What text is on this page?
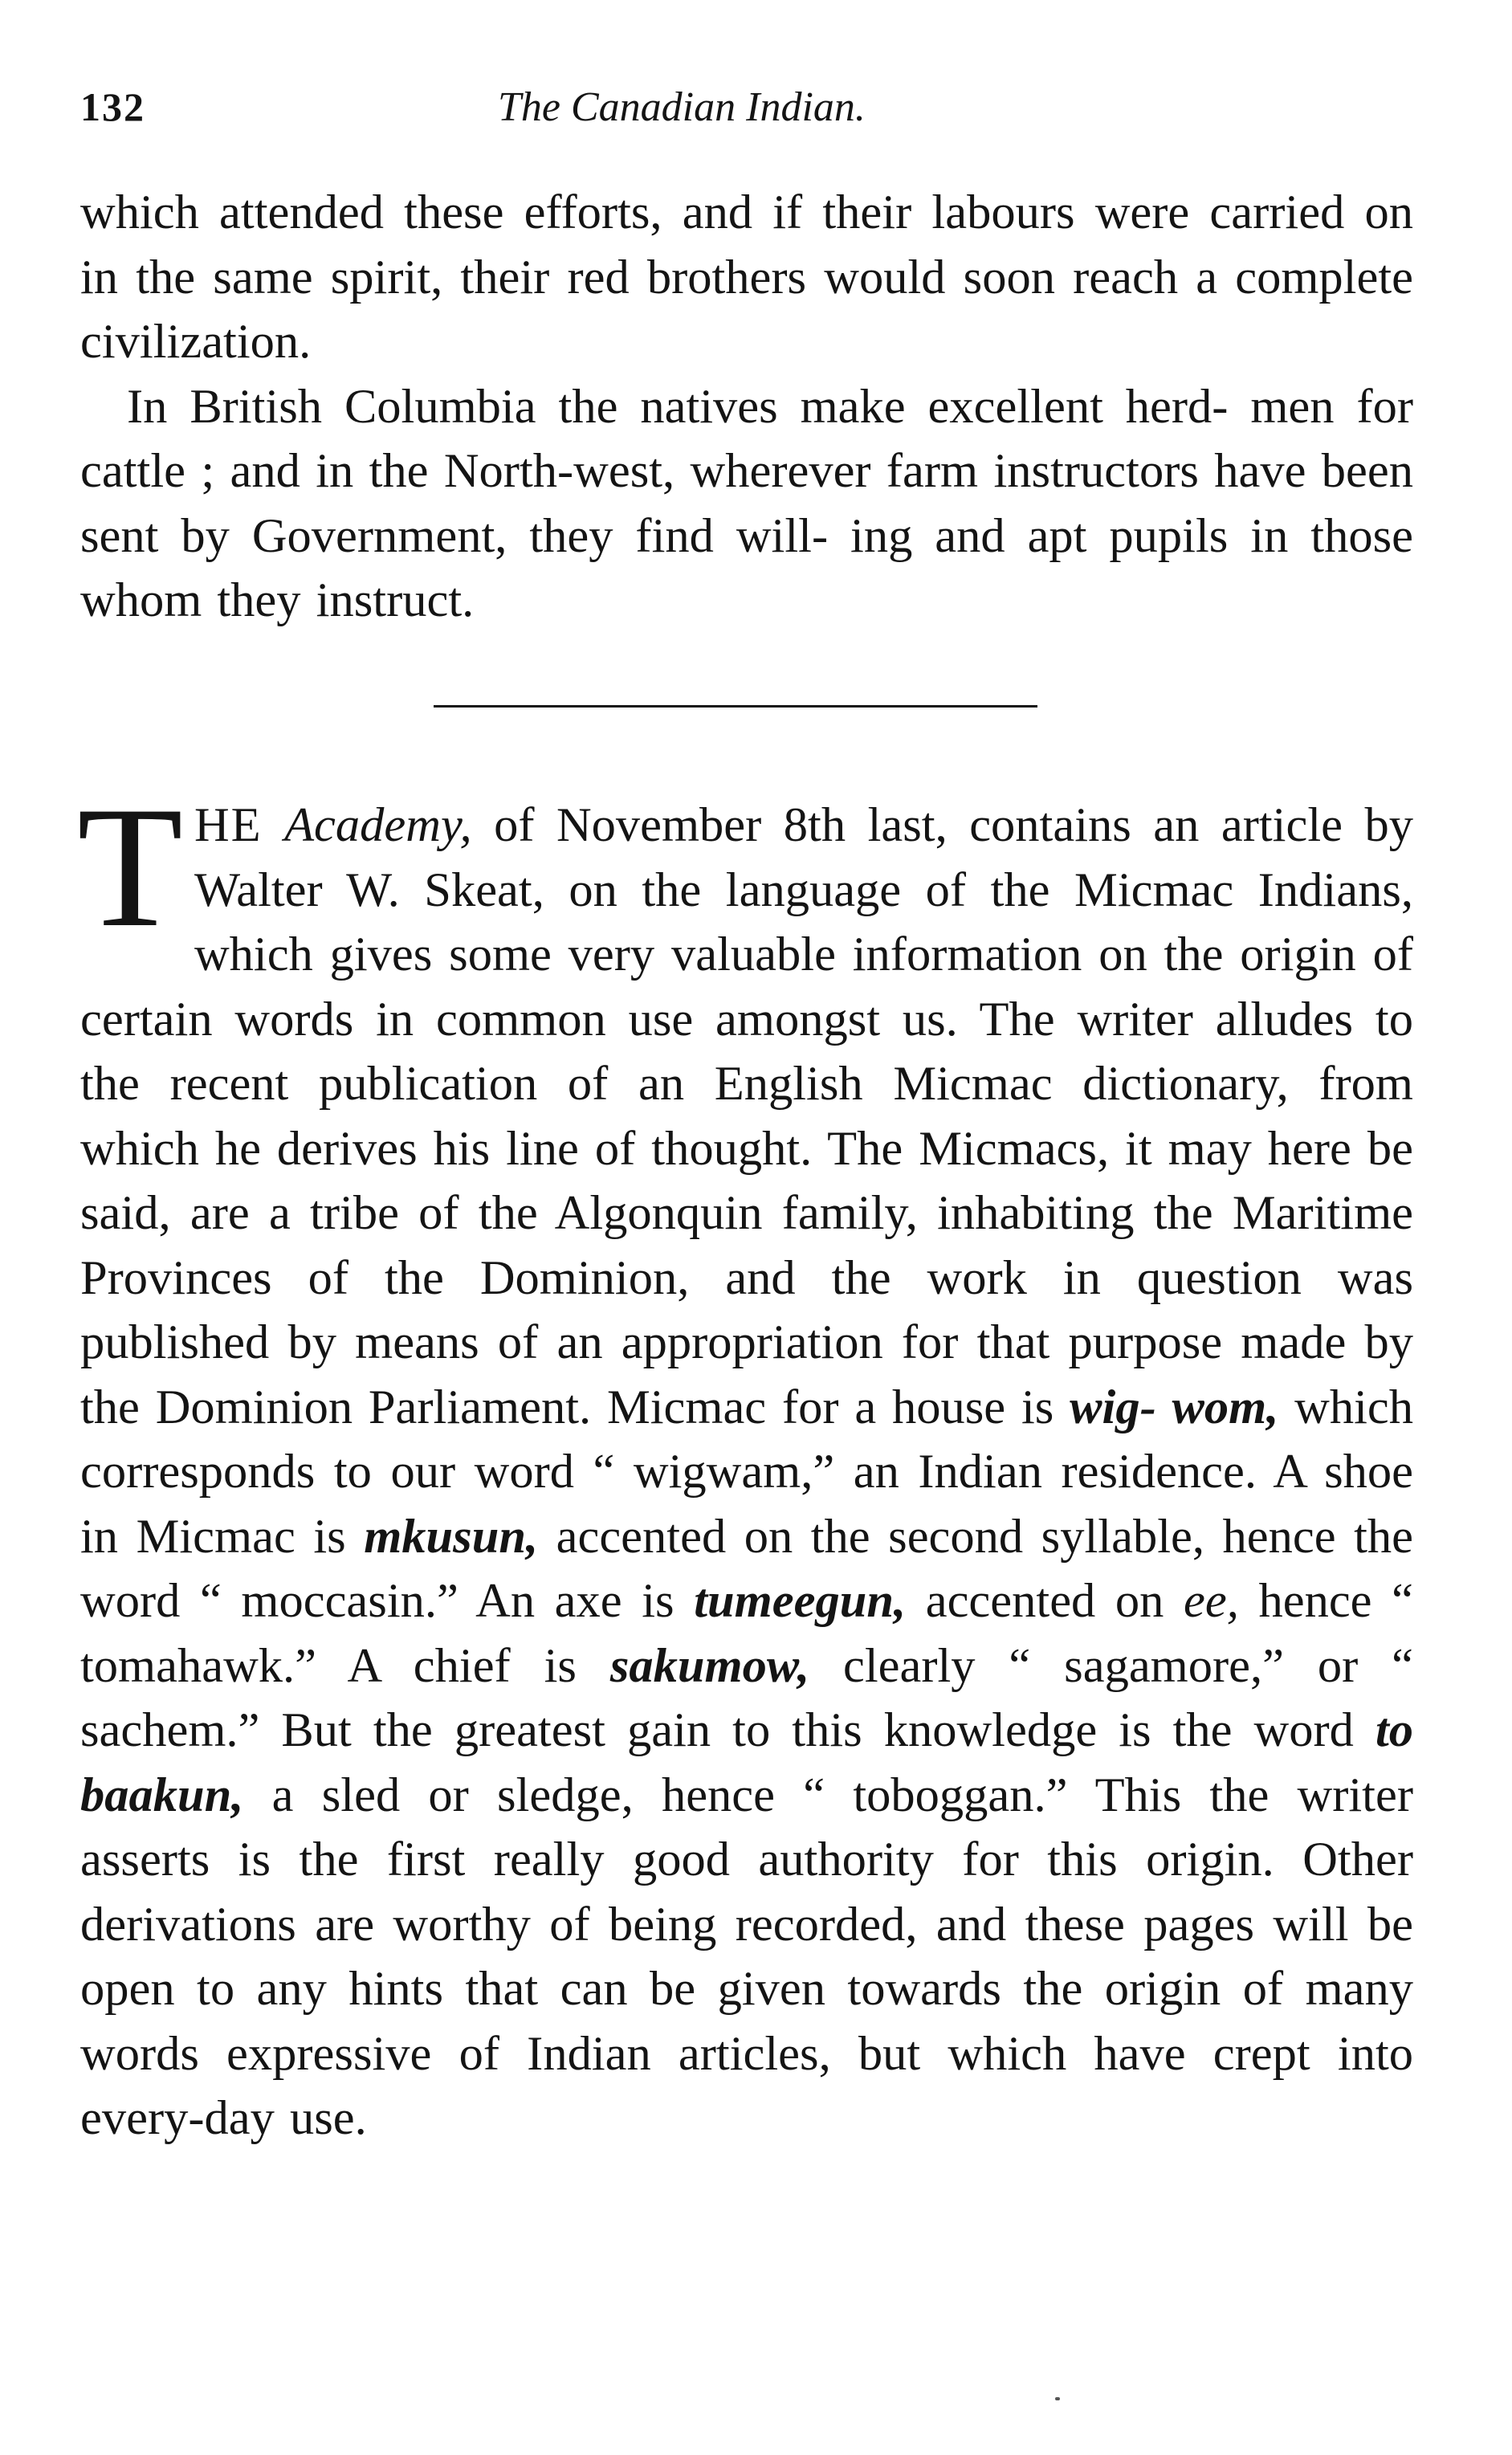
132	The Canadian Indian.

which attended these efforts, and if their labours were carried on in the same spirit, their red brothers would soon reach a complete civilization.

In British Columbia the natives make excellent herd- men for cattle ; and in the North-west, wherever farm instructors have been sent by Government, they find will- ing and apt pupils in those whom they instruct.

THE Academy, of November 8th last, contains an article by Walter W. Skeat, on the language of the Micmac Indians, which gives some very valuable information on the origin of certain words in common use amongst us. The writer alludes to the recent publication of an English Micmac dictionary, from which he derives his line of thought. The Micmacs, it may here be said, are a tribe of the Algonquin family, inhabiting the Maritime Provinces of the Dominion, and the work in question was published by means of an appropriation for that purpose made by the Dominion Parliament. Micmac for a house is wig- wom, which corresponds to our word “ wigwam,” an Indian residence. A shoe in Micmac is mkusun, accented on the second syllable, hence the word “ moccasin.” An axe is tumeegun, accented on ee, hence “ tomahawk.” A chief is sakumow, clearly “ sagamore,” or “ sachem.” But the greatest gain to this knowledge is the word to baakun, a sled or sledge, hence “ toboggan.” This the writer asserts is the first really good authority for this origin. Other derivations are worthy of being recorded, and these pages will be open to any hints that can be given towards the origin of many words expressive of Indian articles, but which have crept into every-day use.
